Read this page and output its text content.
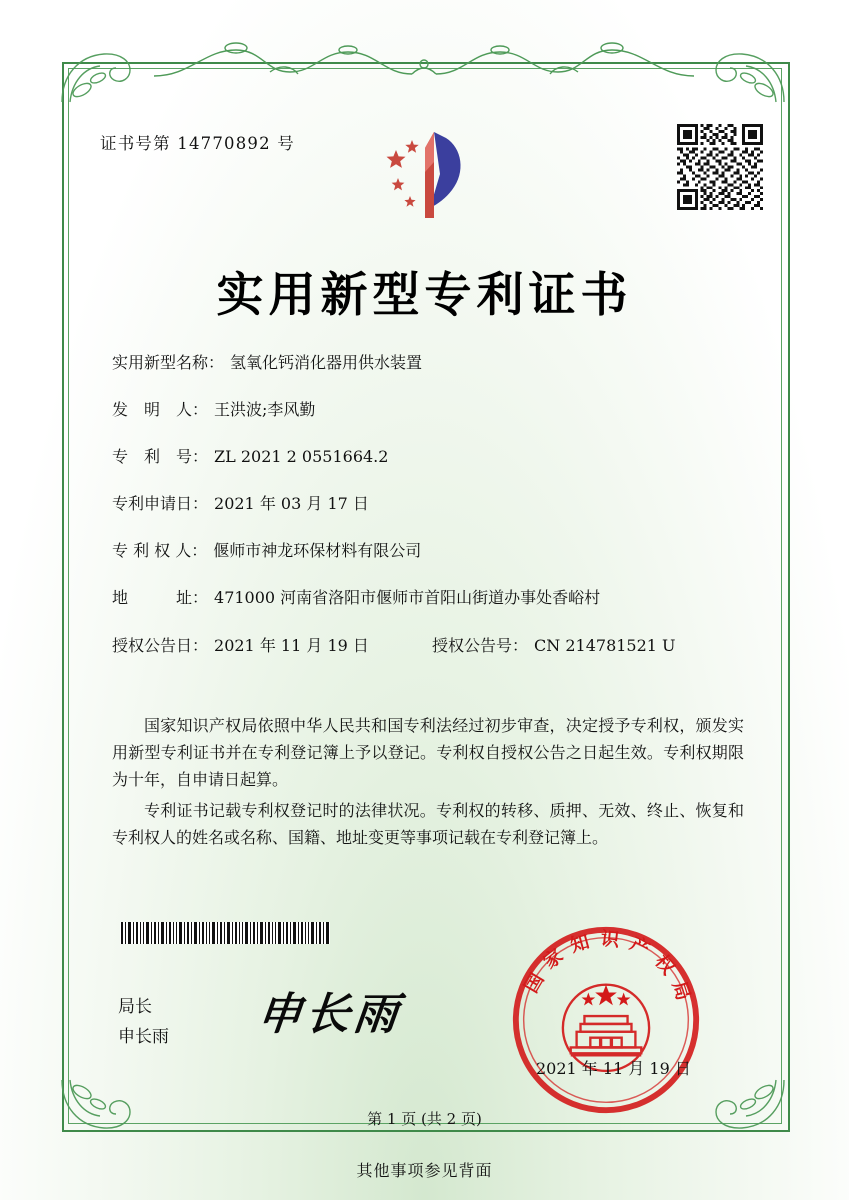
证书号第 14770892 号
实用新型专利证书
实用新型名称： 氢氧化钙消化器用供水装置
发　明　人： 王洪波;李风勤
专　利　号： ZL 2021 2 0551664.2
专利申请日： 2021 年 03 月 17 日
专 利 权 人： 偃师市神龙环保材料有限公司
地　　　址： 471000 河南省洛阳市偃师市首阳山街道办事处香峪村
授权公告日： 2021 年 11 月 19 日	授权公告号： CN 214781521 U

国家知识产权局依照中华人民共和国专利法经过初步审查，决定授予专利权，颁发实用新型专利证书并在专利登记簿上予以登记。专利权自授权公告之日起生效。专利权期限为十年，自申请日起算。

专利证书记载专利权登记时的法律状况。专利权的转移、质押、无效、终止、恢复和专利权人的姓名或名称、国籍、地址变更等事项记载在专利登记簿上。

局长
申长雨 申长雨
国家知识产权局
2021 年 11 月 19 日
第 1 页 (共 2 页)
其他事项参见背面
